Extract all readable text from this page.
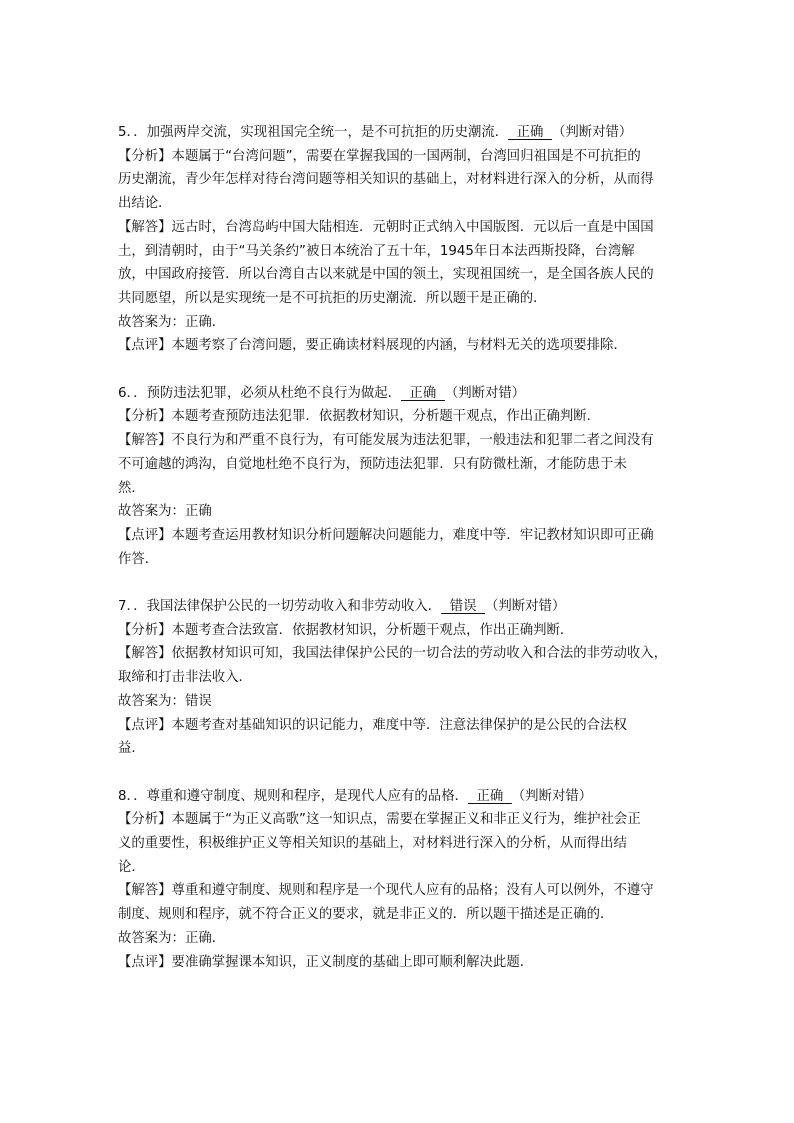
5．．加强两岸交流，实现祖国完全统一，是不可抗拒的历史潮流．  正确  （判断对错）
【分析】本题属于“台湾问题”，需要在掌握我国的一国两制，台湾回归祖国是不可抗拒的
历史潮流，青少年怎样对待台湾问题等相关知识的基础上，对材料进行深入的分析，从而得
出结论．
【解答】远古时，台湾岛屿中国大陆相连．元朝时正式纳入中国版图．元以后一直是中国国
土，到清朝时，由于“马关条约”被日本统治了五十年，1945年日本法西斯投降，台湾解
放，中国政府接管．所以台湾自古以来就是中国的领土，实现祖国统一，是全国各族人民的
共同愿望，所以是实现统一是不可抗拒的历史潮流．所以题干是正确的．
故答案为：正确．
【点评】本题考察了台湾问题，要正确读材料展现的内涵，与材料无关的选项要排除．
6．．预防违法犯罪，必须从杜绝不良行为做起．  正确  （判断对错）
【分析】本题考查预防违法犯罪．依据教材知识，分析题干观点，作出正确判断．
【解答】不良行为和严重不良行为，有可能发展为违法犯罪，一般违法和犯罪二者之间没有
不可逾越的鸿沟，自觉地杜绝不良行为，预防违法犯罪．只有防微杜渐，才能防患于未
然．
故答案为：正确
【点评】本题考查运用教材知识分析问题解决问题能力，难度中等．牢记教材知识即可正确
作答．
7．．我国法律保护公民的一切劳动收入和非劳动收入．  错误  （判断对错）
【分析】本题考查合法致富．依据教材知识，分析题干观点，作出正确判断．
【解答】依据教材知识可知，我国法律保护公民的一切合法的劳动收入和合法的非劳动收入，
取缔和打击非法收入．
故答案为：错误
【点评】本题考查对基础知识的识记能力，难度中等．注意法律保护的是公民的合法权
益．
8．．尊重和遵守制度、规则和程序，是现代人应有的品格．  正确  （判断对错）
【分析】本题属于“为正义高歌”这一知识点，需要在掌握正义和非正义行为，维护社会正
义的重要性，积极维护正义等相关知识的基础上，对材料进行深入的分析，从而得出结
论．
【解答】尊重和遵守制度、规则和程序是一个现代人应有的品格；没有人可以例外，不遵守
制度、规则和程序，就不符合正义的要求，就是非正义的．所以题干描述是正确的．
故答案为：正确．
【点评】要准确掌握课本知识，正义制度的基础上即可顺利解决此题．
